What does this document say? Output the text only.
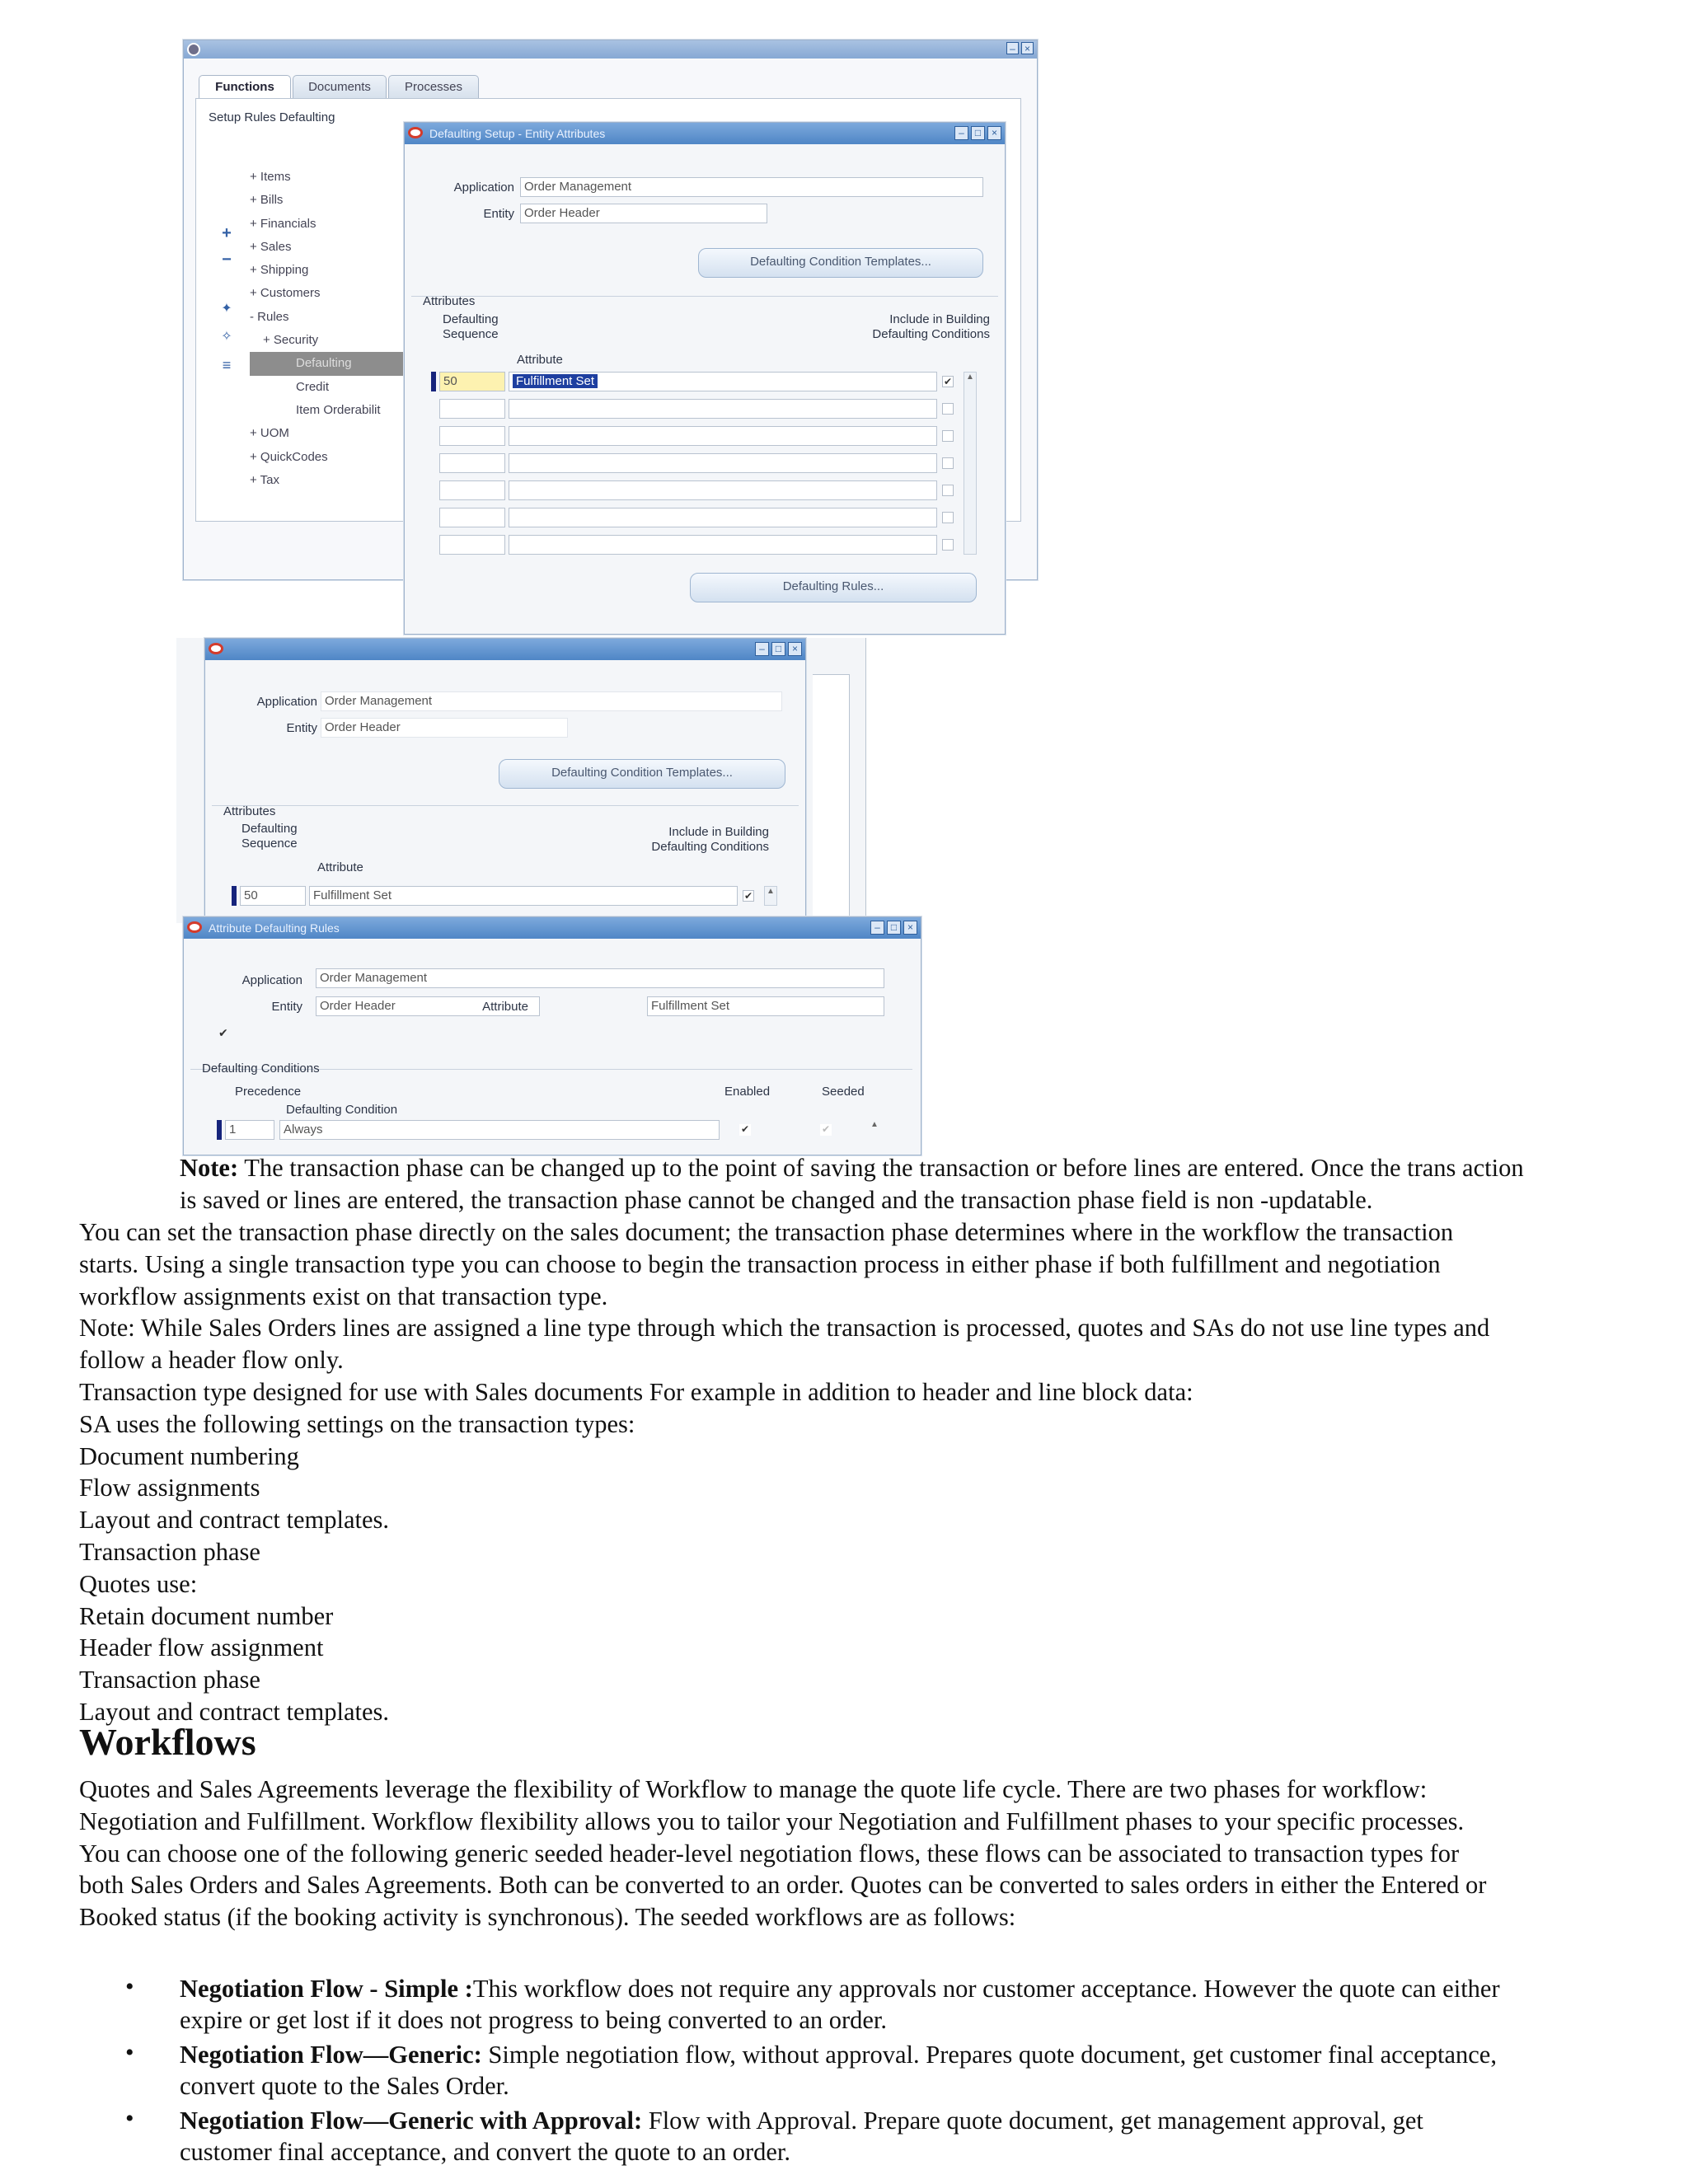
– ×
Functions	Documents	Processes
Setup Rules Defaulting
+
−
✦
✧
≡
+ Items
+ Bills
+ Financials
+ Sales
+ Shipping
+ Customers
- Rules
+ Security
Defaulting
Credit
Item Orderabilit
+ UOM
+ QuickCodes
+ Tax
Defaulting Setup - Entity Attributes	–	□	×
Application Order Management
Entity Order Header
Defaulting Condition Templates...
Attributes
Defaulting
Sequence
Attribute
Include in Building
Defaulting Conditions
50	Fulfillment Set	✔	▲
Defaulting Rules...
–	□	×
Application Order Management
Entity Order Header
Defaulting Condition Templates...
Attributes
Defaulting
Sequence
Attribute
Include in Building
Defaulting Conditions
50	Fulfillment Set	✔	▲
Attribute Defaulting Rules	–	□	×
Application	Order Management
Entity	Order Header	Attribute	Fulfillment Set
✔
Defaulting Conditions
Precedence
Defaulting Condition
Enabled	Seeded
1	Always	✔	✔	▲
Note: The transaction phase can be changed up to the point of saving the transaction or before lines are entered. Once the trans action
is saved or lines are entered, the transaction phase cannot be changed and the transaction phase field is non -updatable.
You can set the transaction phase directly on the sales document; the transaction phase determines where in the workflow the transaction
starts. Using a single transaction type you can choose to begin the transaction process in either phase if both fulfillment and negotiation
workflow assignments exist on that transaction type.
Note: While Sales Orders lines are assigned a line type through which the transaction is processed, quotes and SAs do not use line types and
follow a header flow only.
Transaction type designed for use with Sales documents For example in addition to header and line block data:
SA uses the following settings on the transaction types:
Document numbering
Flow assignments
Layout and contract templates.
Transaction phase
Quotes use:
Retain document number
Header flow assignment
Transaction phase
Layout and contract templates.
Workflows
Quotes and Sales Agreements leverage the flexibility of Workflow to manage the quote life cycle. There are two phases for workflow:
Negotiation and Fulfillment. Workflow flexibility allows you to tailor your Negotiation and Fulfillment phases to your specific processes.
You can choose one of the following generic seeded header-level negotiation flows, these flows can be associated to transaction types for
both Sales Orders and Sales Agreements. Both can be converted to an order. Quotes can be converted to sales orders in either the Entered or
Booked status (if the booking activity is synchronous). The seeded workflows are as follows:
• Negotiation Flow - Simple :This workflow does not require any approvals nor customer acceptance. However the quote can either
expire or get lost if it does not progress to being converted to an order.
• Negotiation Flow—Generic: Simple negotiation flow, without approval. Prepares quote document, get customer final acceptance,
convert quote to the Sales Order.
• Negotiation Flow—Generic with Approval: Flow with Approval. Prepare quote document, get management approval, get
customer final acceptance, and convert the quote to an order.
